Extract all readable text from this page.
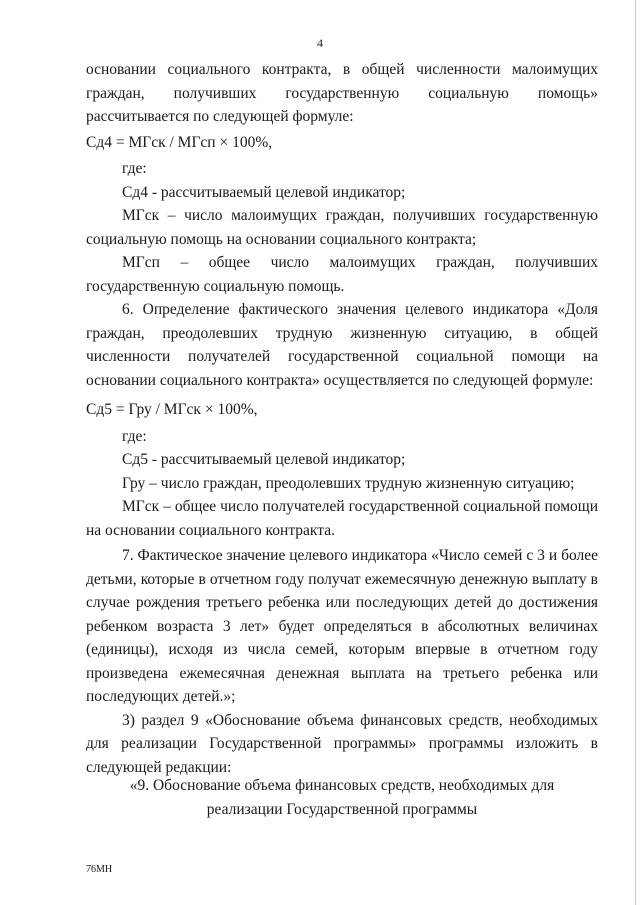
4

основании социального контракта, в общей численности малоимущих граждан, получивших государственную социальную помощь» рассчитывается по следующей формуле:

Сд4 = МГск / МГсп × 100%,

где:

Сд4 - рассчитываемый целевой индикатор;

МГск – число малоимущих граждан, получивших государственную социальную помощь на основании социального контракта;

МГсп – общее число малоимущих граждан, получивших государственную социальную помощь.

6. Определение фактического значения целевого индикатора «Доля граждан, преодолевших трудную жизненную ситуацию, в общей численности получателей государственной социальной помощи на основании социального контракта» осуществляется по следующей формуле:

Сд5 = Гру / МГск × 100%,

где:

Сд5 - рассчитываемый целевой индикатор;

Гру – число граждан, преодолевших трудную жизненную ситуацию;

МГск – общее число получателей государственной социальной помощи на основании социального контракта.

7. Фактическое значение целевого индикатора «Число семей с 3 и более детьми, которые в отчетном году получат ежемесячную денежную выплату в случае рождения третьего ребенка или последующих детей до достижения ребенком возраста 3 лет» будет определяться в абсолютных величинах (единицы), исходя из числа семей, которым впервые в отчетном году произведена ежемесячная денежная выплата на третьего ребенка или последующих детей.»;

3) раздел 9 «Обоснование объема финансовых средств, необходимых для реализации Государственной программы» программы изложить в следующей редакции:

«9. Обоснование объема финансовых средств, необходимых для
реализации Государственной программы
76МН
